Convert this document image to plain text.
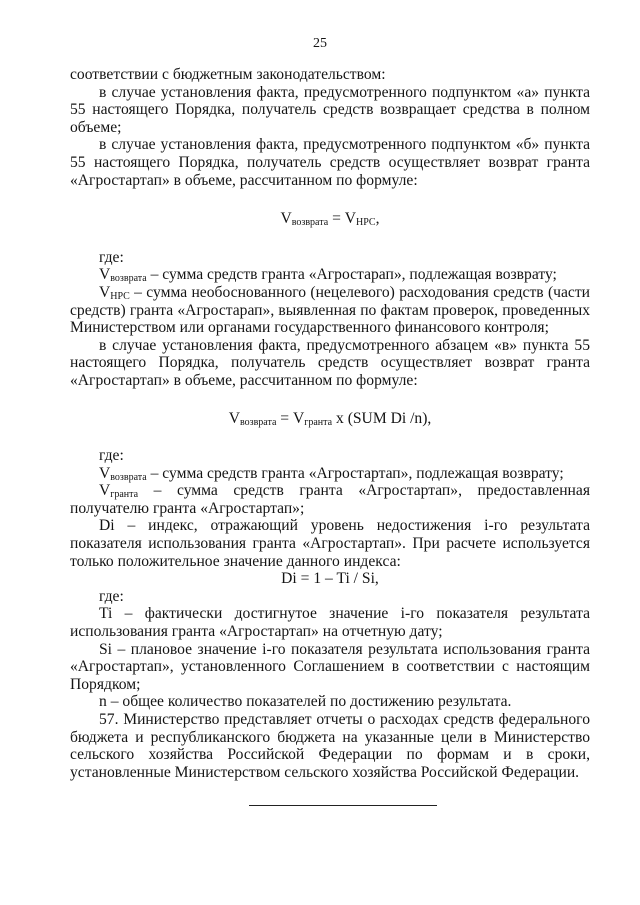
25

соответствии с бюджетным законодательством:

в случае установления факта, предусмотренного подпунктом «а» пункта 55 настоящего Порядка, получатель средств возвращает средства в полном объеме;

в случае установления факта, предусмотренного подпунктом «б» пункта 55 настоящего Порядка, получатель средств осуществляет возврат гранта «Агростартап» в объеме, рассчитанном по формуле:

$V_{возврата} = V_{НРС}$,

где:

$V_{возврата}$ – сумма средств гранта «Агростарап», подлежащая возврату;

$V_{НРС}$ – сумма необоснованного (нецелевого) расходования средств (части средств) гранта «Агростарап», выявленная по фактам проверок, проведенных Министерством или органами государственного финансового контроля;

в случае установления факта, предусмотренного абзацем «в» пункта 55 настоящего Порядка, получатель средств осуществляет возврат гранта «Агростартап» в объеме, рассчитанном по формуле:

$V_{возврата} = V_{гранта}$ x (SUM Di /n),

где:

$V_{возврата}$ – сумма средств гранта «Агростартап», подлежащая возврату;

$V_{гранта}$ – сумма средств гранта «Агростартап», предоставленная получателю гранта «Агростартап»;

Di – индекс, отражающий уровень недостижения i-го результата показателя использования гранта «Агростартап». При расчете используется только положительное значение данного индекса:

Di = 1 – Ti / Si,

где:

Ti – фактически достигнутое значение i-го показателя результата использования гранта «Агростартап» на отчетную дату;

Si – плановое значение i-го показателя результата использования гранта «Агростартап», установленного Соглашением в соответствии с настоящим Порядком;

n – общее количество показателей по достижению результата.

57. Министерство представляет отчеты о расходах средств федерального бюджета и республиканского бюджета на указанные цели в Министерство сельского хозяйства Российской Федерации по формам и в сроки, установленные Министерством сельского хозяйства Российской Федерации.
